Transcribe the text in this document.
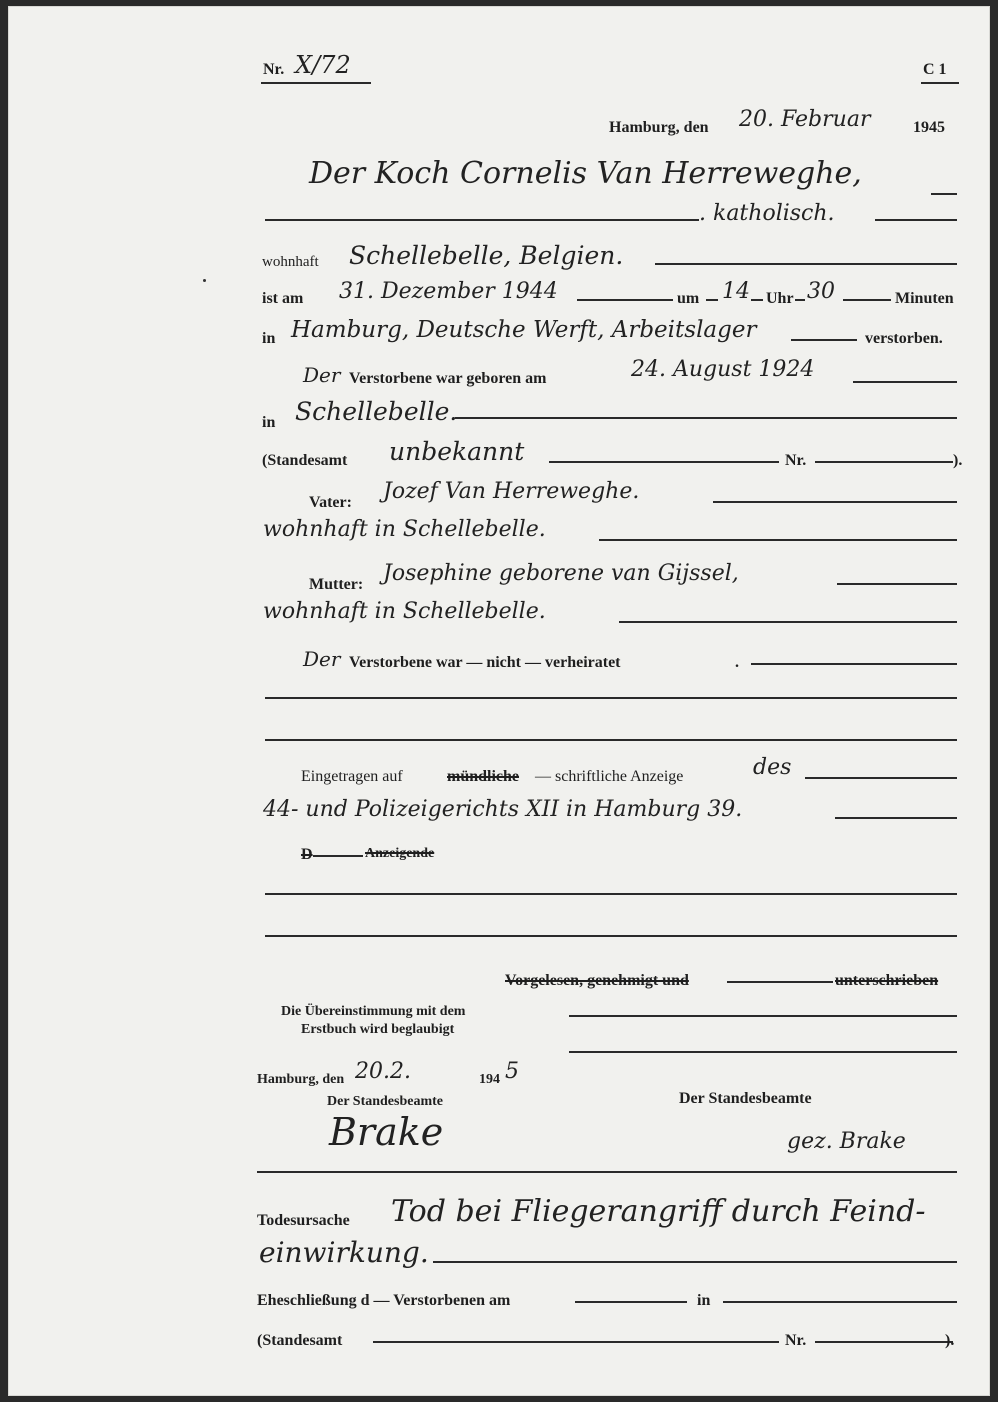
Nr. X/72	C 1
Hamburg, den 20. Februar	1945
Der Koch Cornelis Van Herreweghe,
. katholisch.
wohnhaft Schellebelle, Belgien.
ist am 31. Dezember 1944	um 14 Uhr 30	Minuten
in Hamburg, Deutsche Werft, Arbeitslager	verstorben.
Der Verstorbene war geboren am	24. August 1924
in Schellebelle.
(Standesamt unbekannt	Nr.	).
Vater: Jozef Van Herreweghe.
wohnhaft in Schellebelle.
Mutter: Josephine geborene van Gijssel,
wohnhaft in Schellebelle.
Der Verstorbene war — nicht — verheiratet	.
Eingetragen auf	mündliche — schriftliche Anzeige	des
44- und Polizeigerichts XII in Hamburg 39.
D	Anzeigende
Vorgelesen, genehmigt und	unterschrieben
Die Übereinstimmung mit dem
Erstbuch wird beglaubigt
Hamburg, den 20.2.	194 5
Der Standesbeamte
Brake
Der Standesbeamte
gez. Brake
Todesursache Tod bei Fliegerangriff durch Feind-
einwirkung.
Eheschließung d — Verstorbenen am	in
(Standesamt	Nr.	).
